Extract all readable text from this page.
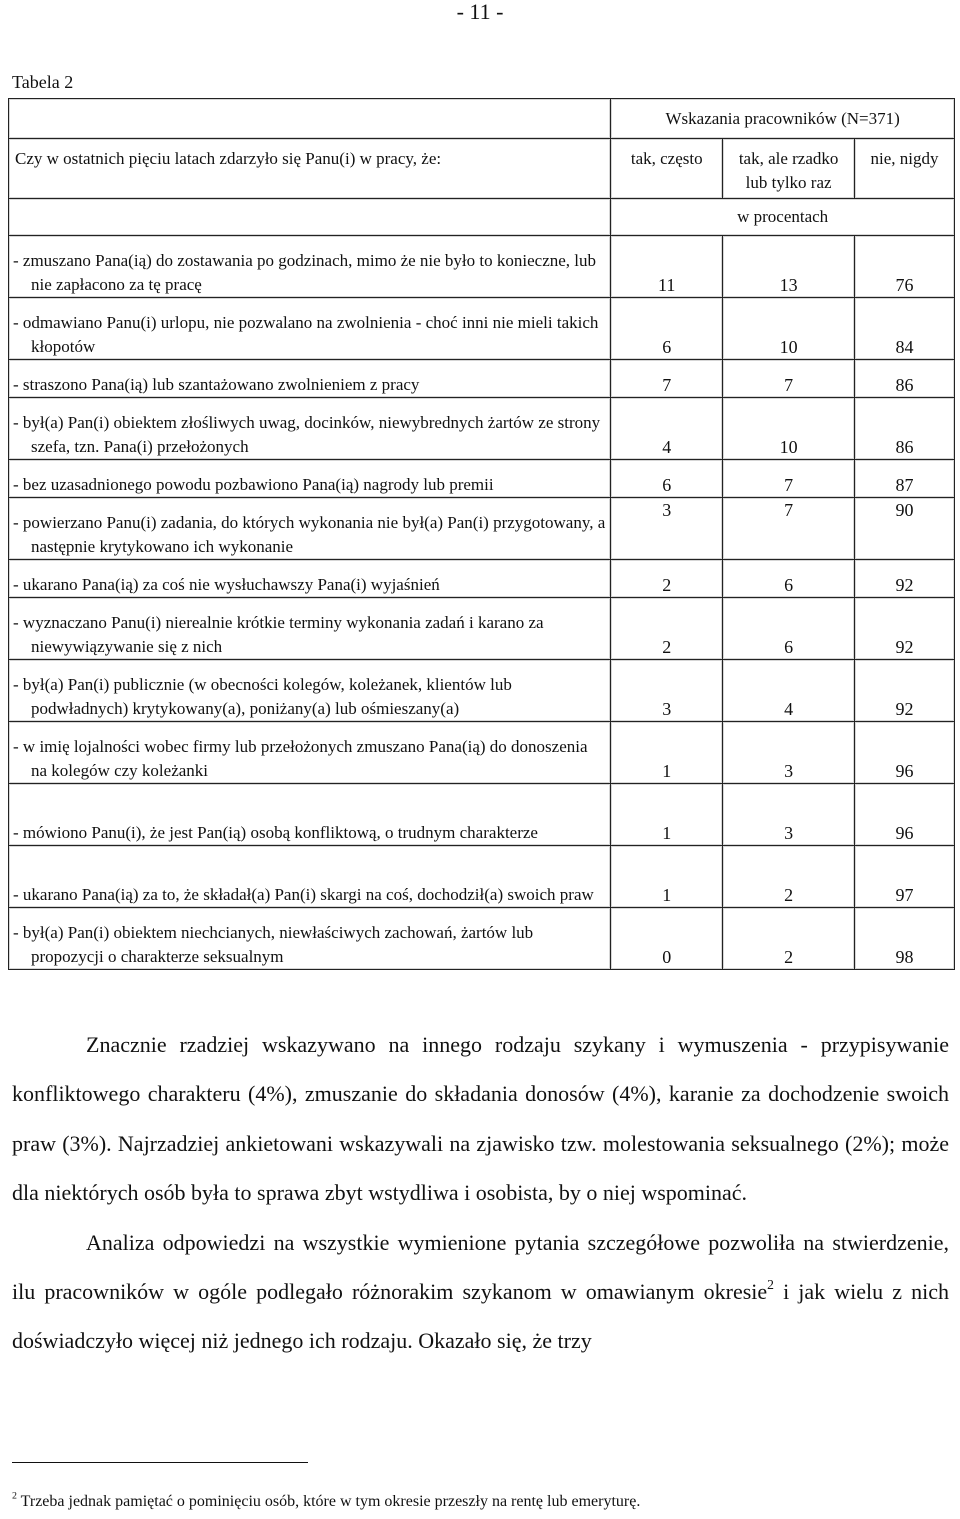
- 11 -
Tabela 2
	Wskazania pracowników (N=371)		
Czy w ostatnich pięciu latach zdarzyło się Panu(i) w pracy, że:	tak, często	tak, ale rzadko lub tylko raz	nie, nigdy
	w procentach		

- zmuszano Pana(ią) do zostawania po godzinach, mimo że nie było to konieczne, lub nie zapłacono za tę pracę	11	13	76

- odmawiano Panu(i) urlopu, nie pozwalano na zwolnienia - choć inni nie mieli takich kłopotów	6	10	84

- straszono Pana(ią) lub szantażowano zwolnieniem z pracy	7	7	86

- był(a) Pan(i) obiektem złośliwych uwag, docinków, niewybrednych żartów ze strony szefa, tzn. Pana(i) przełożonych	4	10	86

- bez uzasadnionego powodu pozbawiono Pana(ią) nagrody lub premii	6	7	87

- powierzano Panu(i) zadania, do których wykonania nie był(a) Pan(i) przygotowany, a następnie krytykowano ich wykonanie	3	7	90

- ukarano Pana(ią) za coś nie wysłuchawszy Pana(i) wyjaśnień	2	6	92

- wyznaczano Panu(i) nierealnie krótkie terminy wykonania zadań i karano za niewywiązywanie się z nich	2	6	92

- był(a) Pan(i) publicznie (w obecności kolegów, koleżanek, klientów lub podwładnych) krytykowany(a), poniżany(a) lub ośmieszany(a)	3	4	92

- w imię lojalności wobec firmy lub przełożonych zmuszano Pana(ią) do donoszenia na kolegów czy koleżanki	1	3	96

- mówiono Panu(i), że jest Pan(ią) osobą konfliktową, o trudnym charakterze	1	3	96

- ukarano Pana(ią) za to, że składał(a) Pan(i) skargi na coś, dochodził(a) swoich praw	1	2	97

- był(a) Pan(i) obiektem niechcianych, niewłaściwych zachowań, żartów lub propozycji o charakterze seksualnym	0	2	98

Znacznie rzadziej wskazywano na innego rodzaju szykany i wymuszenia - przypisywanie konfliktowego charakteru (4%), zmuszanie do składania donosów (4%), karanie za dochodzenie swoich praw (3%). Najrzadziej ankietowani wskazywali na zjawisko tzw. molestowania seksualnego (2%); może dla niektórych osób była to sprawa zbyt wstydliwa i osobista, by o niej wspominać.

Analiza odpowiedzi na wszystkie wymienione pytania szczegółowe pozwoliła na stwierdzenie, ilu pracowników w ogóle podlegało różnorakim szykanom w omawianym okresie$^2$ i jak wielu z nich doświadczyło więcej niż jednego ich rodzaju. Okazało się, że trzy

$^2$ Trzeba jednak pamiętać o pominięciu osób, które w tym okresie przeszły na rentę lub emeryturę.
